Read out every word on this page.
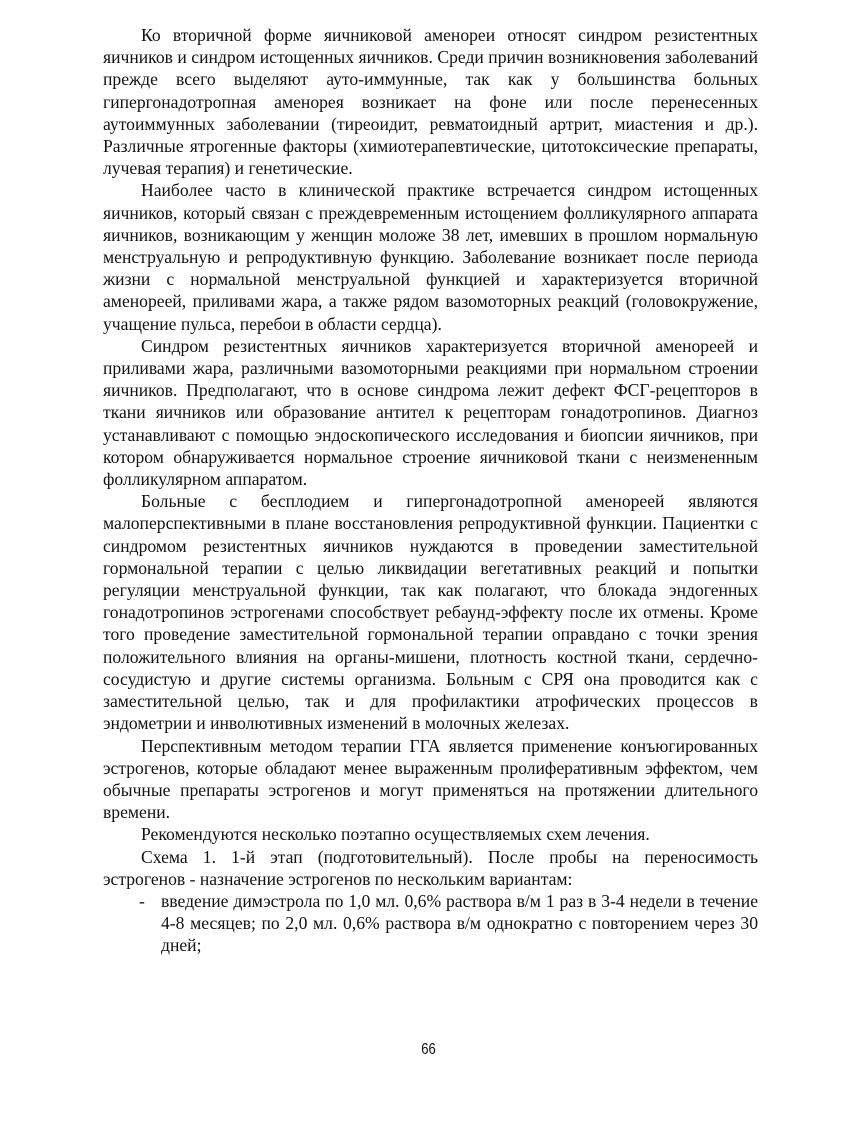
Ко вторичной форме яичниковой аменореи относят синдром резистентных яичников и синдром истощенных яичников. Среди причин возникновения заболеваний прежде всего выделяют ауто-иммунные, так как у большинства больных гипергонадотропная аменорея возникает на фоне или после перенесенных аутоиммунных заболевании (тиреоидит, ревматоидный артрит, миастения и др.). Различные ятрогенные факторы (химиотерапевтические, цитотоксические препараты, лучевая терапия) и генетические.

Наиболее часто в клинической практике встречается синдром истощенных яичников, который связан с преждевременным истощением фолликулярного аппарата яичников, возникающим у женщин моложе 38 лет, имевших в прошлом нормальную менструальную и репродуктивную функцию. Заболевание возникает после периода жизни с нормальной менструальной функцией и характеризуется вторичной аменореей, приливами жара, а также рядом вазомоторных реакций (головокружение, учащение пульса, перебои в области сердца).

Синдром резистентных яичников характеризуется вторичной аменореей и приливами жара, различными вазомоторными реакциями при нормальном строении яичников. Предполагают, что в основе синдрома лежит дефект ФСГ-рецепторов в ткани яичников или образование антител к рецепторам гонадотропинов. Диагноз устанавливают с помощью эндоскопического исследования и биопсии яичников, при котором обнаруживается нормальное строение яичниковой ткани с неизмененным фолликулярном аппаратом.

Больные с бесплодием и гипергонадотропной аменореей являются малоперспективными в плане восстановления репродуктивной функции. Пациентки с синдромом резистентных яичников нуждаются в проведении заместительной гормональной терапии с целью ликвидации вегетативных реакций и попытки регуляции менструальной функции, так как полагают, что блокада эндогенных гонадотропинов эстрогенами способствует ребаунд-эффекту после их отмены. Кроме того проведение заместительной гормональной терапии оправдано с точки зрения положительного влияния на органы-мишени, плотность костной ткани, сердечно-сосудистую и другие системы организма. Больным с СРЯ она проводится как с заместительной целью, так и для профилактики атрофических процессов в эндометрии и инволютивных изменений в молочных железах.

Перспективным методом терапии ГГА является применение конъюгированных эстрогенов, которые обладают менее выраженным пролиферативным эффектом, чем обычные препараты эстрогенов и могут применяться на протяжении длительного времени.

Рекомендуются несколько поэтапно осуществляемых схем лечения.

Схема 1. 1-й этап (подготовительный). После пробы на переносимость эстрогенов - назначение эстрогенов по нескольким вариантам:

- введение димэстрола по 1,0 мл. 0,6% раствора в/м 1 раз в 3-4 недели в течение 4-8 месяцев; по 2,0 мл. 0,6% раствора в/м однократно с повторением через 30 дней;
66
